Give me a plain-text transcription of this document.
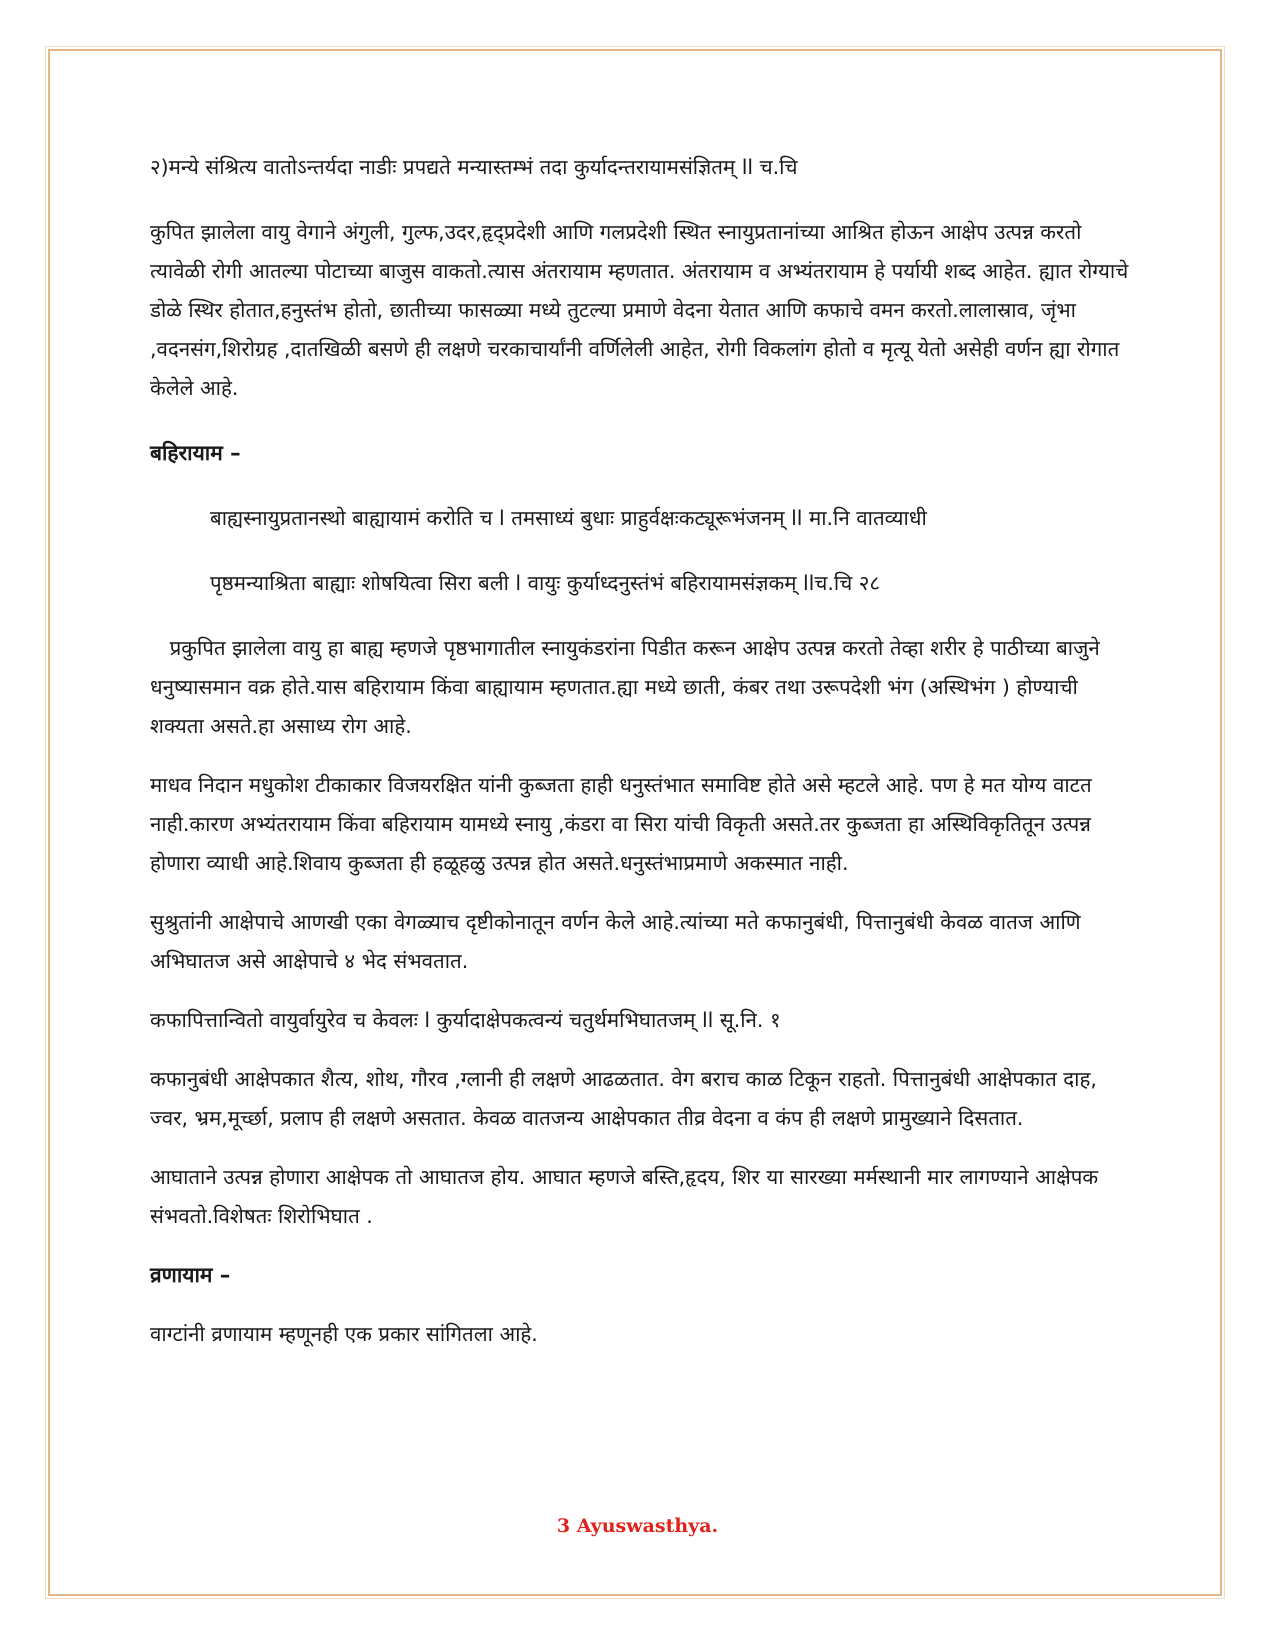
२)मन्ये संश्रित्य वातोऽन्तर्यदा नाडीः प्रपद्यते मन्यास्तम्भं तदा कुर्यादन्तरायामसंज्ञितम् ll च.चि

कुपित झालेला वायु वेगाने अंगुली, गुल्फ,उदर,हृद्प्रदेशी आणि गलप्रदेशी स्थित स्नायुप्रतानांच्या आश्रित होऊन आक्षेप उत्पन्न करतो त्यावेळी रोगी आतल्या पोटाच्या बाजुस वाकतो.त्यास अंतरायाम म्हणतात. अंतरायाम व अभ्यंतरायाम हे पर्यायी शब्द आहेत. ह्यात रोग्याचे डोळे स्थिर होतात,हनुस्तंभ होतो, छातीच्या फासळ्या मध्ये तुटल्या प्रमाणे वेदना येतात आणि कफाचे वमन करतो.लालास्राव, जृंभा ,वदनसंग,शिरोग्रह ,दातखिळी बसणे ही लक्षणे चरकाचार्यांनी वर्णिलेली आहेत, रोगी विकलांग होतो व मृत्यू येतो असेही वर्णन ह्या रोगात केलेले आहे.

बहिरायाम –

बाह्यस्नायुप्रतानस्थो बाह्यायामं करोति च l तमसाध्यं बुधाः प्राहुर्वक्षःकट्यूरूभंजनम् ll मा.नि वातव्याधी

पृष्ठमन्याश्रिता बाह्याः शोषयित्वा सिरा बली l वायुः कुर्याध्दनुस्तंभं बहिरायामसंज्ञकम् llच.चि २८

प्रकुपित झालेला वायु हा बाह्य म्हणजे पृष्ठभागातील स्नायुकंडरांना पिडीत करून आक्षेप उत्पन्न करतो तेव्हा शरीर हे पाठीच्या बाजुने धनुष्यासमान वक्र होते.यास बहिरायाम किंवा बाह्यायाम म्हणतात.ह्या मध्ये छाती, कंबर तथा उरूपदेशी भंग (अस्थिभंग ) होण्याची शक्यता असते.हा असाध्य रोग आहे.

माधव निदान मधुकोश टीकाकार विजयरक्षित यांनी कुब्जता हाही धनुस्तंभात समाविष्ट होते असे म्हटले आहे. पण हे मत योग्य वाटत नाही.कारण अभ्यंतरायाम किंवा बहिरायाम यामध्ये स्नायु ,कंडरा वा सिरा यांची विकृती असते.तर कुब्जता हा अस्थिविकृतितून उत्पन्न होणारा व्याधी आहे.शिवाय कुब्जता ही हळूहळु उत्पन्न होत असते.धनुस्तंभाप्रमाणे अकस्मात नाही.

सुश्रुतांनी आक्षेपाचे आणखी एका वेगळ्याच दृष्टीकोनातून वर्णन केले आहे.त्यांच्या मते कफानुबंधी, पित्तानुबंधी केवळ वातज आणि अभिघातज असे आक्षेपाचे ४ भेद संभवतात.

कफापित्तान्वितो वायुर्वायुरेव च केवलः l कुर्यादाक्षेपकत्वन्यं चतुर्थमभिघातजम् ll सू.नि. १

कफानुबंधी आक्षेपकात शैत्य, शोथ, गौरव ,ग्लानी ही लक्षणे आढळतात. वेग बराच काळ टिकून राहतो. पित्तानुबंधी आक्षेपकात दाह, ज्वर, भ्रम,मूर्च्छा, प्रलाप ही लक्षणे असतात. केवळ वातजन्य आक्षेपकात तीव्र वेदना व कंप ही लक्षणे प्रामुख्याने दिसतात.

आघाताने उत्पन्न होणारा आक्षेपक तो आघातज होय. आघात म्हणजे बस्ति,हृदय, शिर या सारख्या मर्मस्थानी मार लागण्याने आक्षेपक संभवतो.विशेषतः शिरोभिघात .

व्रणायाम –

वाग्टांनी व्रणायाम म्हणूनही एक प्रकार सांगितला आहे.

3 Ayuswasthya.
